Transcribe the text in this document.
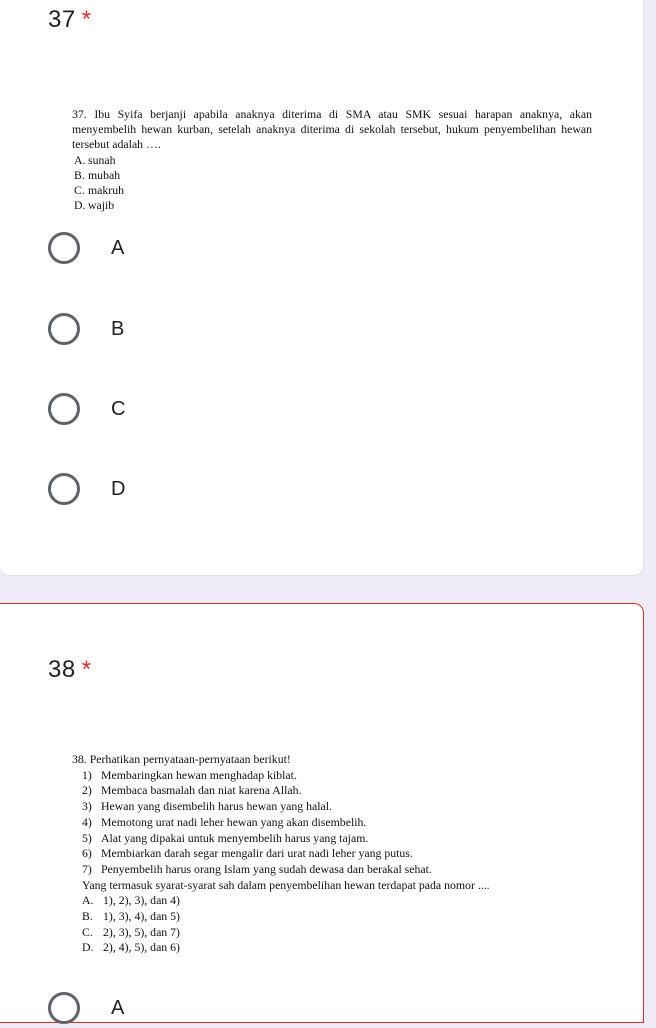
37 *

37. Ibu Syifa berjanji apabila anaknya diterima di SMA atau SMK sesuai harapan anaknya, akan menyembelih hewan kurban, setelah anaknya diterima di sekolah tersebut, hukum penyembelihan hewan tersebut adalah ….

A. sunah

B. mubah

C. makruh

D. wajib

A
B
C
D
38 *

38. Perhatikan pernyataan-pernyataan berikut!

1) Membaringkan hewan menghadap kiblat.

2) Membaca basmalah dan niat karena Allah.

3) Hewan yang disembelih harus hewan yang halal.

4) Memotong urat nadi leher hewan yang akan disembelih.

5) Alat yang dipakai untuk menyembelih harus yang tajam.

6) Membiarkan darah segar mengalir dari urat nadi leher yang putus.

7) Penyembelih harus orang Islam yang sudah dewasa dan berakal sehat.

Yang termasuk syarat-syarat sah dalam penyembelihan hewan terdapat pada nomor ....

A. 1), 2), 3), dan 4)

B. 1), 3), 4), dan 5)

C. 2), 3), 5), dan 7)

D. 2), 4), 5), dan 6)

A
